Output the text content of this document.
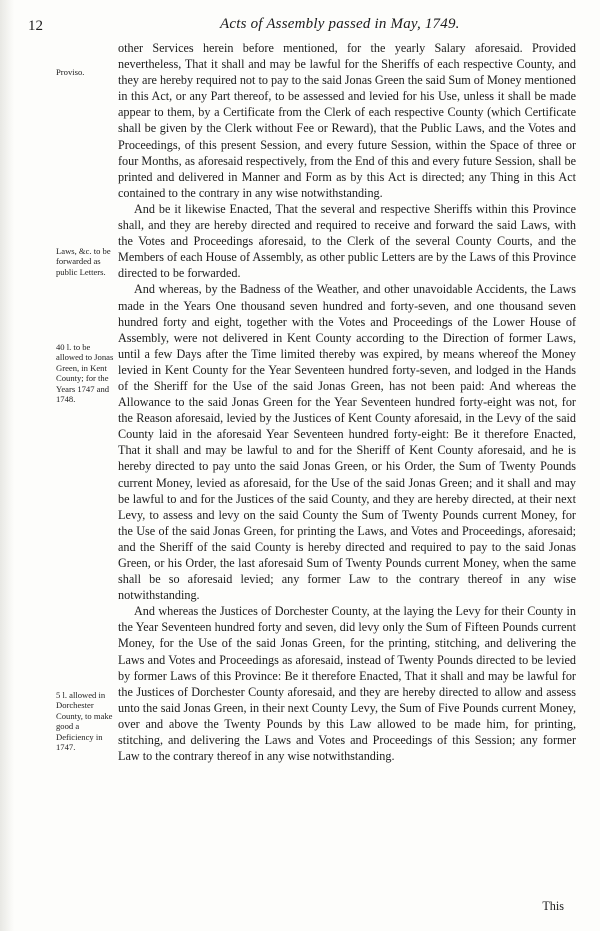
12	Acts of Assembly passed in May, 1749.
Proviso.
Laws, &c. to be forwarded as public Letters.
40 l. to be allowed to Jonas Green, in Kent County; for the Years 1747 and 1748.
5 l. allowed in Dorchester County, to make good a Deficiency in 1747.

other Services herein before mentioned, for the yearly Salary aforesaid. Provided nevertheless, That it shall and may be lawful for the Sheriffs of each respective County, and they are hereby required not to pay to the said Jonas Green the said Sum of Money mentioned in this Act, or any Part thereof, to be assessed and levied for his Use, unless it shall be made appear to them, by a Certificate from the Clerk of each respective County (which Certificate shall be given by the Clerk without Fee or Reward), that the Public Laws, and the Votes and Proceedings, of this present Session, and every future Session, within the Space of three or four Months, as aforesaid respectively, from the End of this and every future Session, shall be printed and delivered in Manner and Form as by this Act is directed; any Thing in this Act contained to the contrary in any wise notwithstanding.

And be it likewise Enacted, That the several and respective Sheriffs within this Province shall, and they are hereby directed and required to receive and forward the said Laws, with the Votes and Proceedings aforesaid, to the Clerk of the several County Courts, and the Members of each House of Assembly, as other public Letters are by the Laws of this Province directed to be forwarded.

And whereas, by the Badness of the Weather, and other unavoidable Accidents, the Laws made in the Years One thousand seven hundred and forty-seven, and one thousand seven hundred forty and eight, together with the Votes and Proceedings of the Lower House of Assembly, were not delivered in Kent County according to the Direction of former Laws, until a few Days after the Time limited thereby was expired, by means whereof the Money levied in Kent County for the Year Seventeen hundred forty-seven, and lodged in the Hands of the Sheriff for the Use of the said Jonas Green, has not been paid: And whereas the Allowance to the said Jonas Green for the Year Seventeen hundred forty-eight was not, for the Reason aforesaid, levied by the Justices of Kent County aforesaid, in the Levy of the said County laid in the aforesaid Year Seventeen hundred forty-eight: Be it therefore Enacted, That it shall and may be lawful to and for the Sheriff of Kent County aforesaid, and he is hereby directed to pay unto the said Jonas Green, or his Order, the Sum of Twenty Pounds current Money, levied as aforesaid, for the Use of the said Jonas Green; and it shall and may be lawful to and for the Justices of the said County, and they are hereby directed, at their next Levy, to assess and levy on the said County the Sum of Twenty Pounds current Money, for the Use of the said Jonas Green, for printing the Laws, and Votes and Proceedings, aforesaid; and the Sheriff of the said County is hereby directed and required to pay to the said Jonas Green, or his Order, the last aforesaid Sum of Twenty Pounds current Money, when the same shall be so aforesaid levied; any former Law to the contrary thereof in any wise notwithstanding.

And whereas the Justices of Dorchester County, at the laying the Levy for their County in the Year Seventeen hundred forty and seven, did levy only the Sum of Fifteen Pounds current Money, for the Use of the said Jonas Green, for the printing, stitching, and delivering the Laws and Votes and Proceedings as aforesaid, instead of Twenty Pounds directed to be levied by former Laws of this Province: Be it therefore Enacted, That it shall and may be lawful for the Justices of Dorchester County aforesaid, and they are hereby directed to allow and assess unto the said Jonas Green, in their next County Levy, the Sum of Five Pounds current Money, over and above the Twenty Pounds by this Law allowed to be made him, for printing, stitching, and delivering the Laws and Votes and Proceedings of this Session; any former Law to the contrary thereof in any wise notwithstanding.

This
